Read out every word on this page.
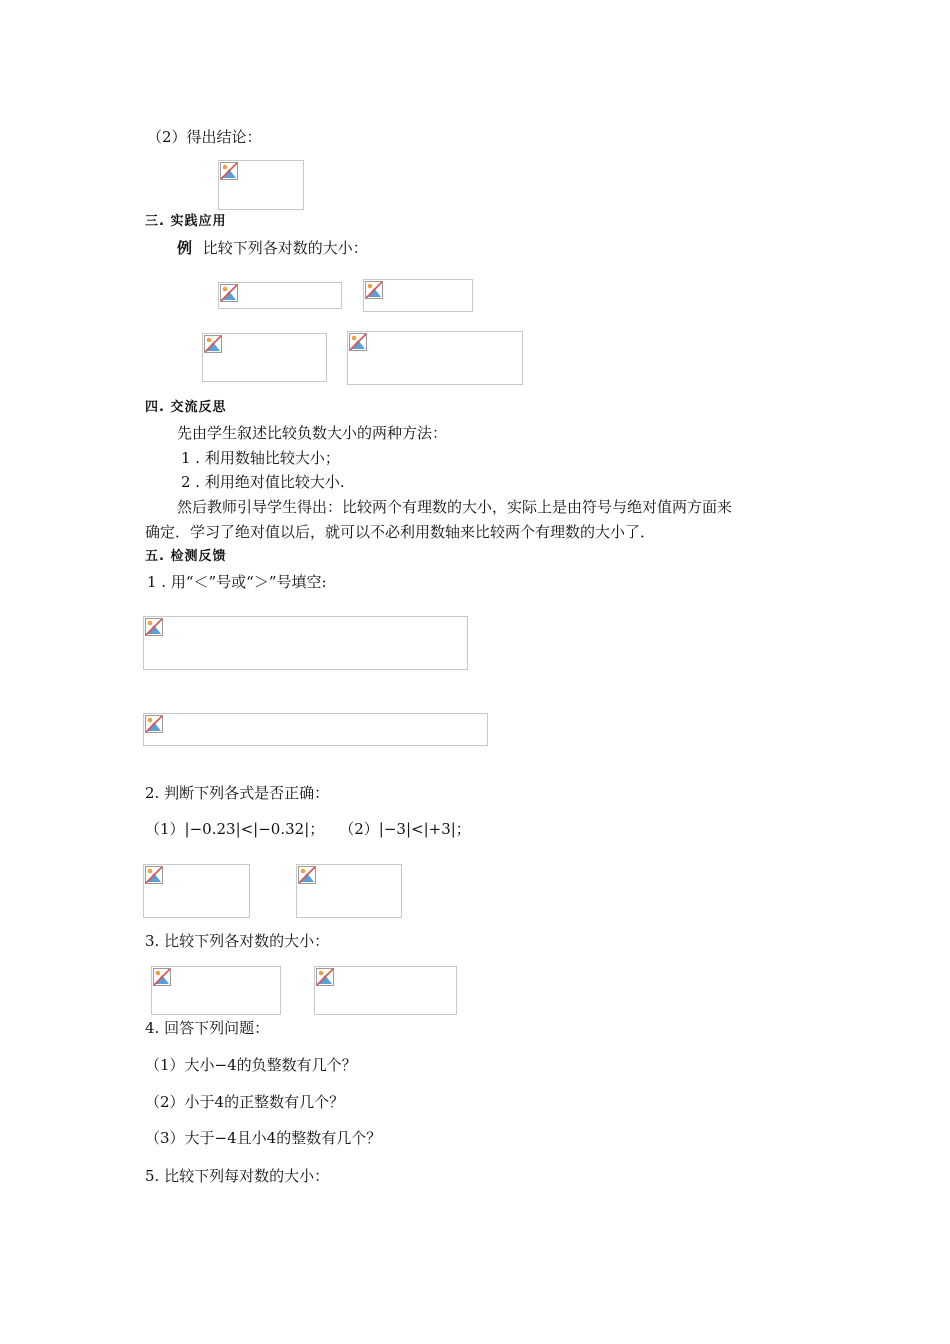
（2）得出结论：
三. 实践应用
例 比较下列各对数的大小：
四. 交流反思
先由学生叙述比较负数大小的两种方法：
1 . 利用数轴比较大小；
2 . 利用绝对值比较大小.
然后教师引导学生得出：比较两个有理数的大小，实际上是由符号与绝对值两方面来
确定．学习了绝对值以后，就可以不必利用数轴来比较两个有理数的大小了．
五. 检测反馈
1 . 用“＜”号或“＞”号填空:
2. 判断下列各式是否正确：
（1）|−0.23|<|−0.32|；　　（2）|−3|<|+3|；
3. 比较下列各对数的大小：
4. 回答下列问题：
（1）大小−4的负整数有几个？
（2）小于4的正整数有几个？
（3）大于−4且小4的整数有几个？
5. 比较下列每对数的大小：
